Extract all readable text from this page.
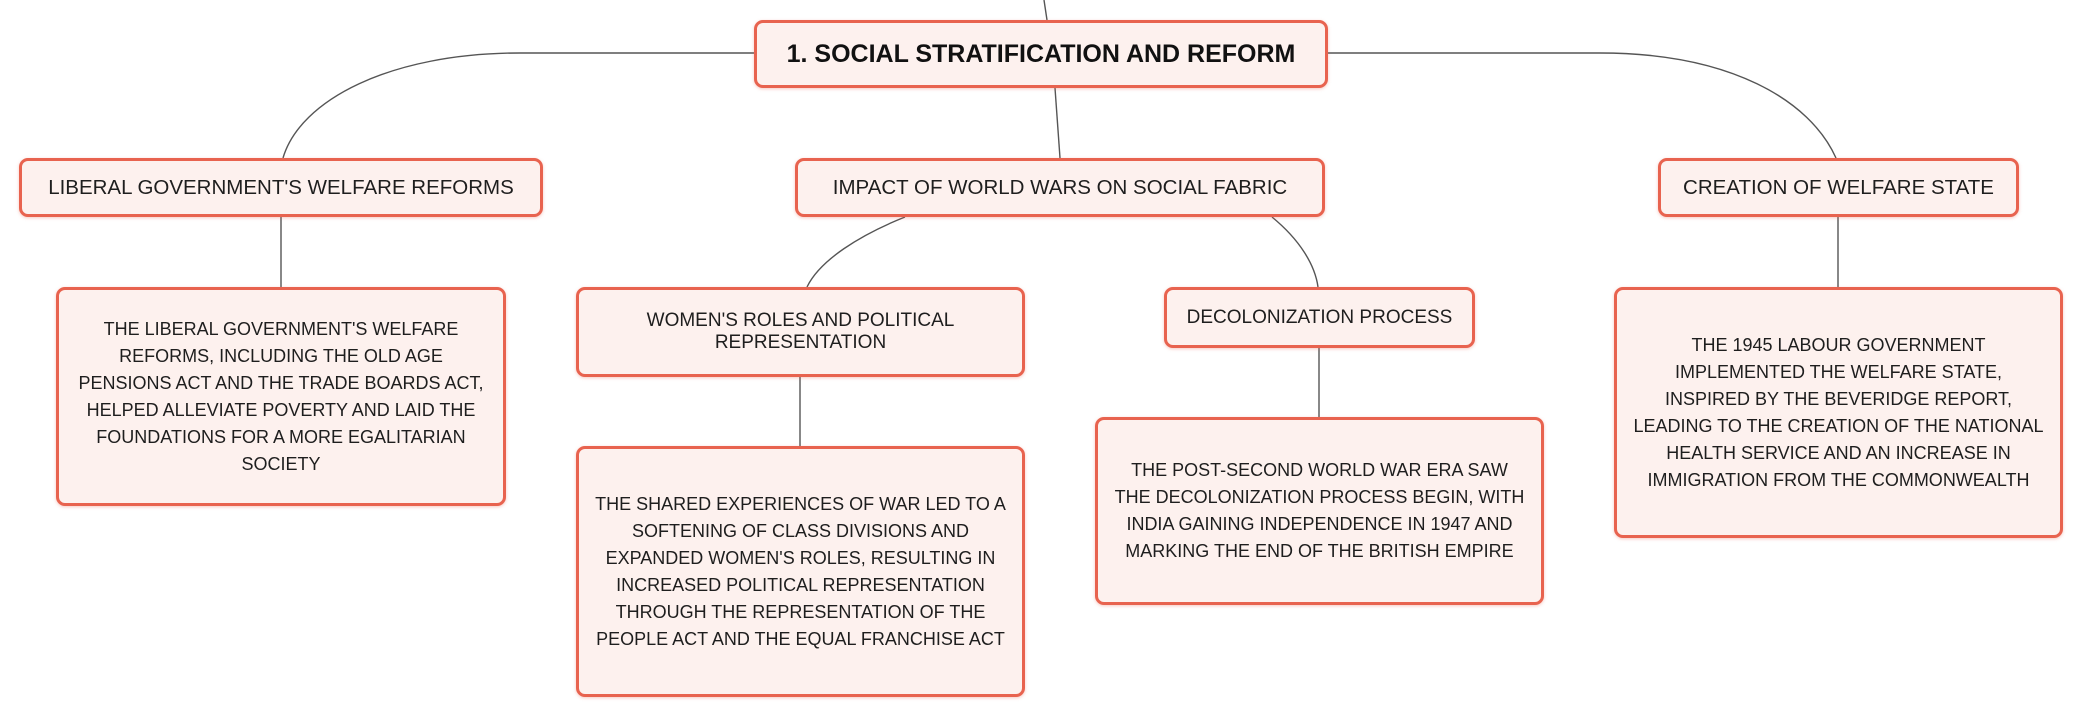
1. SOCIAL STRATIFICATION AND REFORM
LIBERAL GOVERNMENT'S WELFARE REFORMS
THE LIBERAL GOVERNMENT'S WELFARE REFORMS, INCLUDING THE OLD AGE PENSIONS ACT AND THE TRADE BOARDS ACT, HELPED ALLEVIATE POVERTY AND LAID THE FOUNDATIONS FOR A MORE EGALITARIAN SOCIETY
IMPACT OF WORLD WARS ON SOCIAL FABRIC
WOMEN'S ROLES AND POLITICAL REPRESENTATION
THE SHARED EXPERIENCES OF WAR LED TO A SOFTENING OF CLASS DIVISIONS AND EXPANDED WOMEN'S ROLES, RESULTING IN INCREASED POLITICAL REPRESENTATION THROUGH THE REPRESENTATION OF THE PEOPLE ACT AND THE EQUAL FRANCHISE ACT
DECOLONIZATION PROCESS
THE POST-SECOND WORLD WAR ERA SAW THE DECOLONIZATION PROCESS BEGIN, WITH INDIA GAINING INDEPENDENCE IN 1947 AND MARKING THE END OF THE BRITISH EMPIRE
CREATION OF WELFARE STATE
THE 1945 LABOUR GOVERNMENT IMPLEMENTED THE WELFARE STATE, INSPIRED BY THE BEVERIDGE REPORT, LEADING TO THE CREATION OF THE NATIONAL HEALTH SERVICE AND AN INCREASE IN IMMIGRATION FROM THE COMMONWEALTH
